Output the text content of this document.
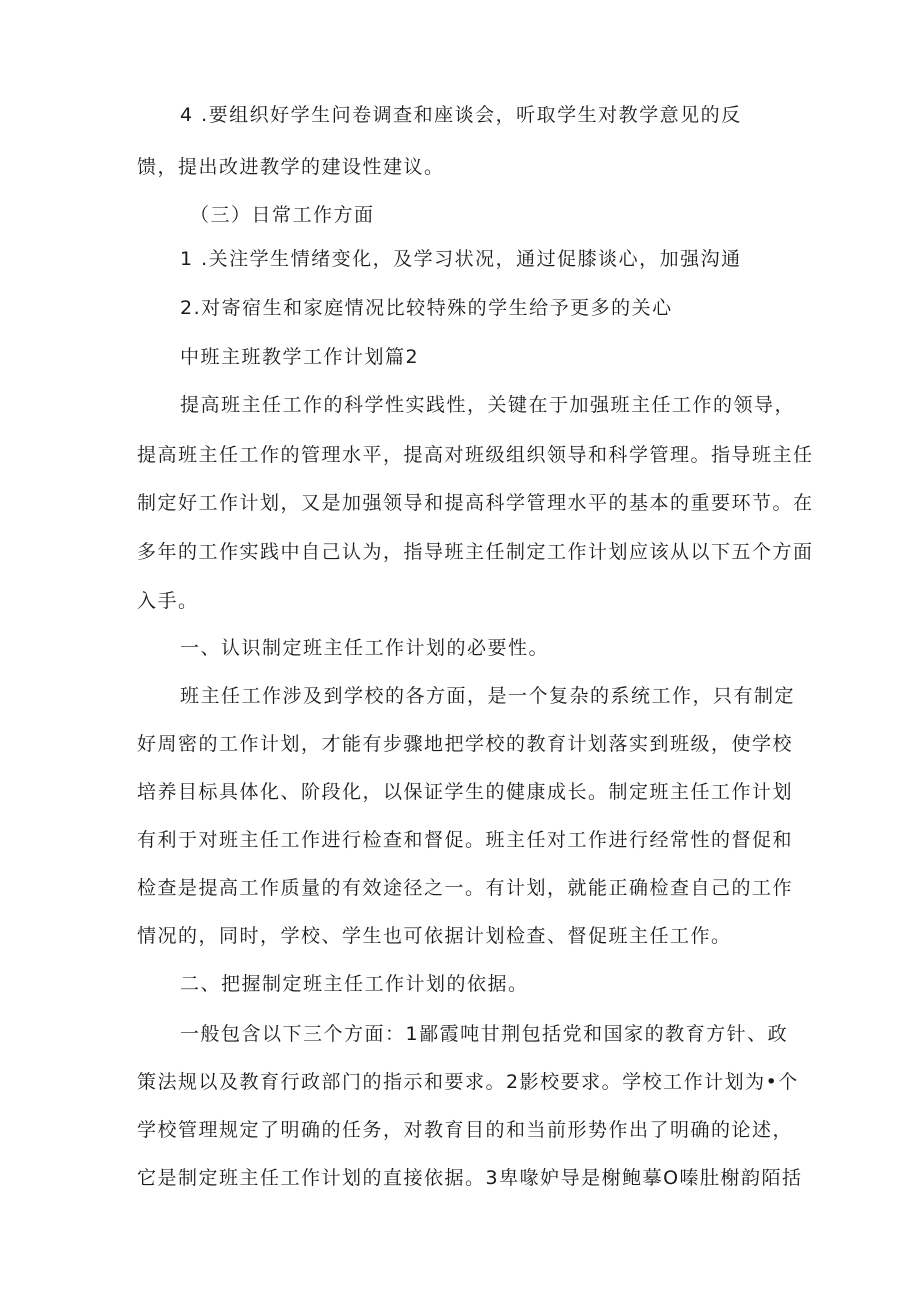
4 .要组织好学生问卷调查和座谈会，听取学生对教学意见的反
馈，提出改进教学的建设性建议。
（三）日常工作方面
1 .关注学生情绪变化，及学习状况，通过促膝谈心，加强沟通
2.对寄宿生和家庭情况比较特殊的学生给予更多的关心
中班主班教学工作计划篇2
提高班主任工作的科学性实践性，关键在于加强班主任工作的领导，
提高班主任工作的管理水平，提高对班级组织领导和科学管理。指导班主任
制定好工作计划，又是加强领导和提高科学管理水平的基本的重要环节。在
多年的工作实践中自己认为，指导班主任制定工作计划应该从以下五个方面
入手。
一、认识制定班主任工作计划的必要性。
班主任工作涉及到学校的各方面，是一个复杂的系统工作，只有制定
好周密的工作计划，才能有步骤地把学校的教育计划落实到班级，使学校
培养目标具体化、阶段化，以保证学生的健康成长。制定班主任工作计划
有利于对班主任工作进行检查和督促。班主任对工作进行经常性的督促和
检查是提高工作质量的有效途径之一。有计划，就能正确检查自己的工作
情况的，同时，学校、学生也可依据计划检查、督促班主任工作。
二、把握制定班主任工作计划的依据。
一般包含以下三个方面：1鄙霞吨甘荆包括党和国家的教育方针、政
策法规以及教育行政部门的指示和要求。2影校要求。学校工作计划为•个
学校管理规定了明确的任务，对教育目的和当前形势作出了明确的论述，
它是制定班主任工作计划的直接依据。3卑喙妒导是榭鲍摹O嗪肚榭韵陌括
